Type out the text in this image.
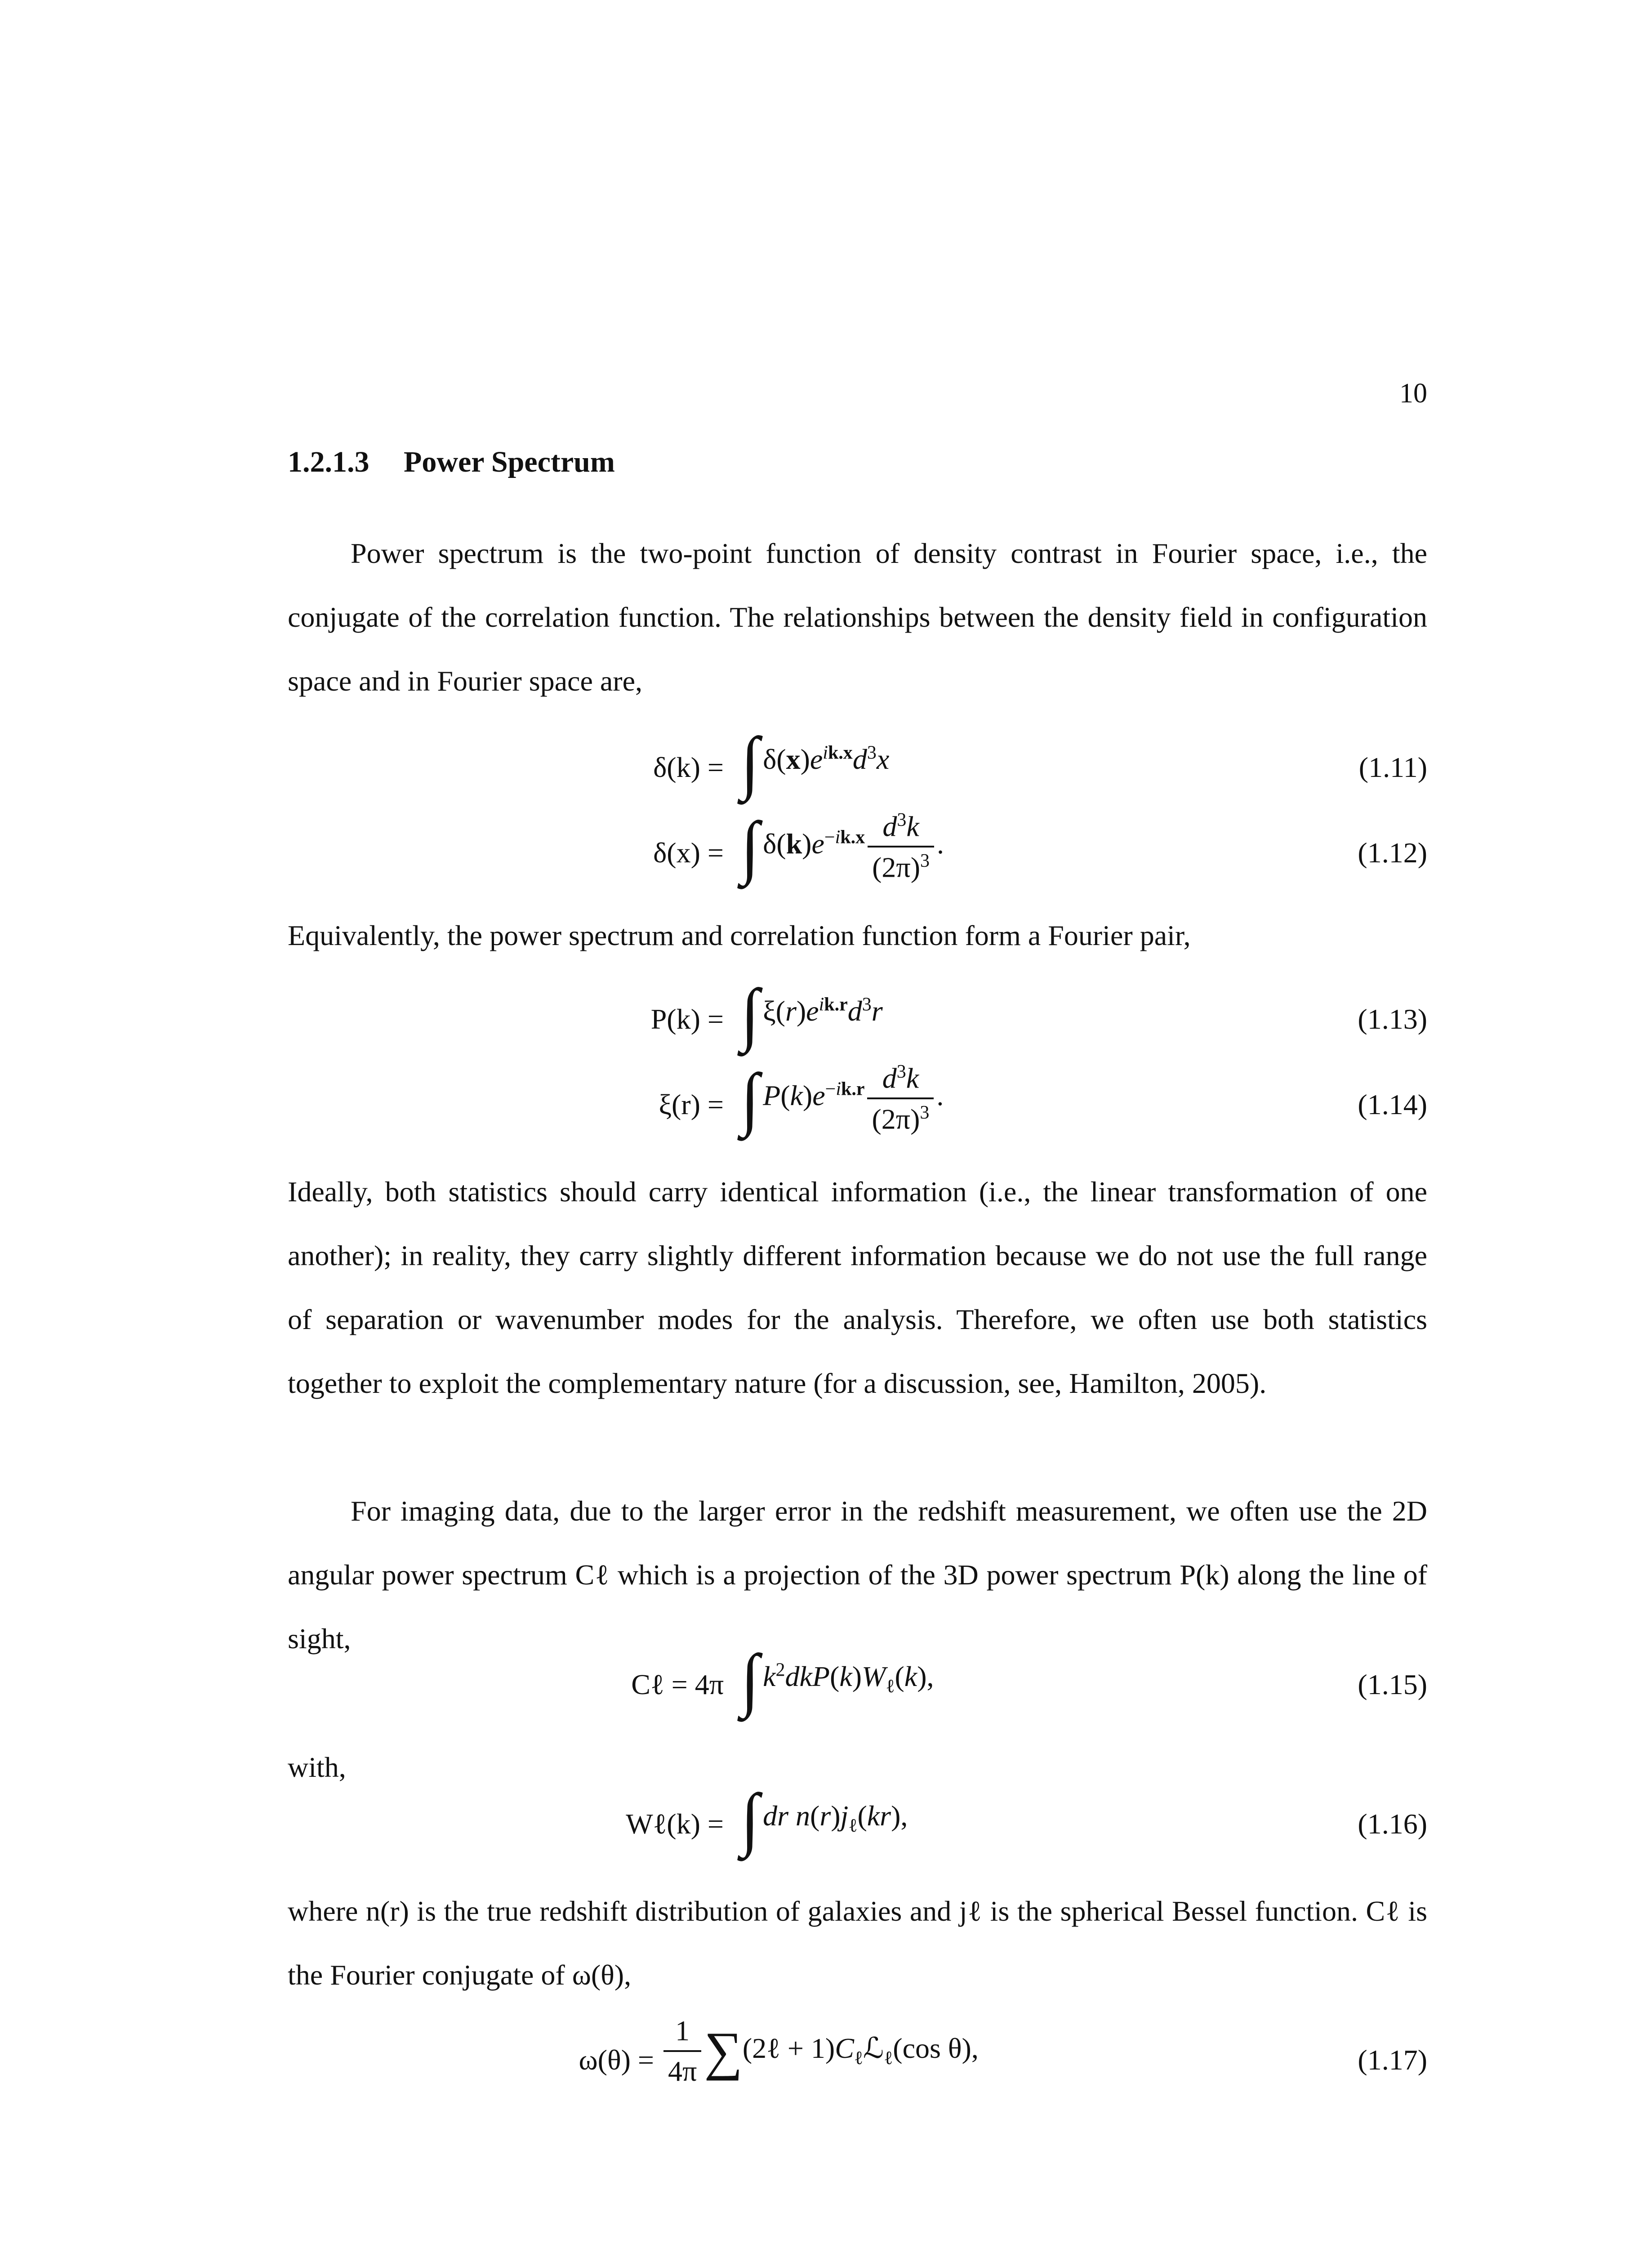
10
1.2.1.3 Power Spectrum
Power spectrum is the two-point function of density contrast in Fourier space, i.e., the conjugate of the correlation function. The relationships between the density field in configuration space and in Fourier space are,
δ(k) = ∫ $\delta(x)e^{ik.x}d^3x$	(1.11)
δ(x) = ∫ $\delta(k)e^{-ik.x} \frac{d^3k}{(2\pi)^3}$ .	(1.12)
Equivalently, the power spectrum and correlation function form a Fourier pair,
P(k) = ∫ $\xi(r)e^{ik.r}d^3r$	(1.13)
ξ(r) = ∫ $P(k)e^{-ik.r} \frac{d^3k}{(2\pi)^3}$ .	(1.14)
Ideally, both statistics should carry identical information (i.e., the linear transformation of one another); in reality, they carry slightly different information because we do not use the full range of separation or wavenumber modes for the analysis. Therefore, we often use both statistics together to exploit the complementary nature (for a discussion, see, Hamilton, 2005).
For imaging data, due to the larger error in the redshift measurement, we often use the 2D angular power spectrum Cℓ which is a projection of the 3D power spectrum P(k) along the line of sight,
Cℓ = 4π ∫ $k^2dkP(k)W_\ell(k)$,	(1.15)
with,
Wℓ(k) = ∫ dr $n(r)j_\ell(kr)$,	(1.16)
where n(r) is the true redshift distribution of galaxies and jℓ is the spherical Bessel function. Cℓ is the Fourier conjugate of ω(θ),
$\omega(\theta) = \frac{1}{4\pi}$ ∑(2ℓ + $1)C_\ell ℒ_\ell(\cos$ θ),	(1.17)
